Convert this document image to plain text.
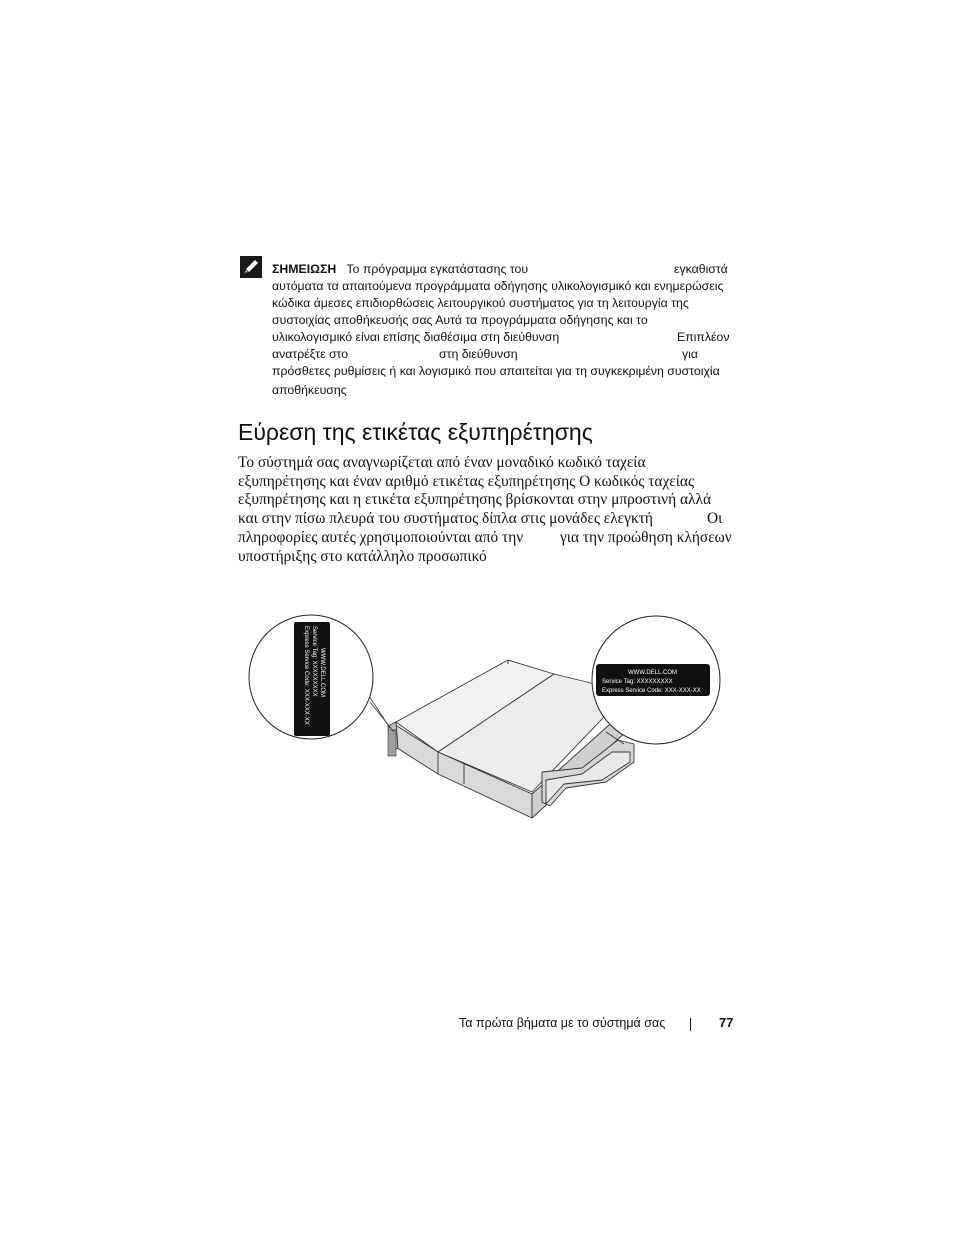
ΣΗΜΕΙΩΣΗ Το πρόγραμμα εγκατάστασης του	εγκαθιστά
αυτόματα τα απαιτούμενα προγράμματα οδήγησης υλικολογισμικό και ενημερώσεις
κώδικα άμεσες επιδιορθώσεις λειτουργικού συστήματος για τη λειτουργία της
συστοιχίας αποθήκευσής σας Αυτά τα προγράμματα οδήγησης και το
υλικολογισμικό είναι επίσης διαθέσιμα στη διεύθυνση	Επιπλέον
ανατρέξτε στο	στη διεύθυνση	για
πρόσθετες ρυθμίσεις ή και λογισμικό που απαιτείται για τη συγκεκριμένη συστοιχία
αποθήκευσης
Εύρεση της ετικέτας εξυπηρέτησης
Το σύστημά σας αναγνωρίζεται από έναν μοναδικό κωδικό ταχεία
εξυπηρέτησης και έναν αριθμό ετικέτας εξυπηρέτησης Ο κωδικός ταχείας
εξυπηρέτησης και η ετικέτα εξυπηρέτησης βρίσκονται στην μπροστινή αλλά
και στην πίσω πλευρά του συστήματος δίπλα στις μονάδες ελεγκτή	Οι
πληροφορίες αυτές χρησιμοποιούνται από την για την προώθηση κλήσεων
υποστήριξης στο κατάλληλο προσωπικό
WWW.DELL.COM
Service Tag: XXXXXXXXX
Express Service Code: XXX-XXX-XX	WWW.DELL.COM
Service Tag: XXXXXXXXX
Express Service Code: XXX-XXX-XX
Τα πρώτα βήματα με το σύστημά σας	77
